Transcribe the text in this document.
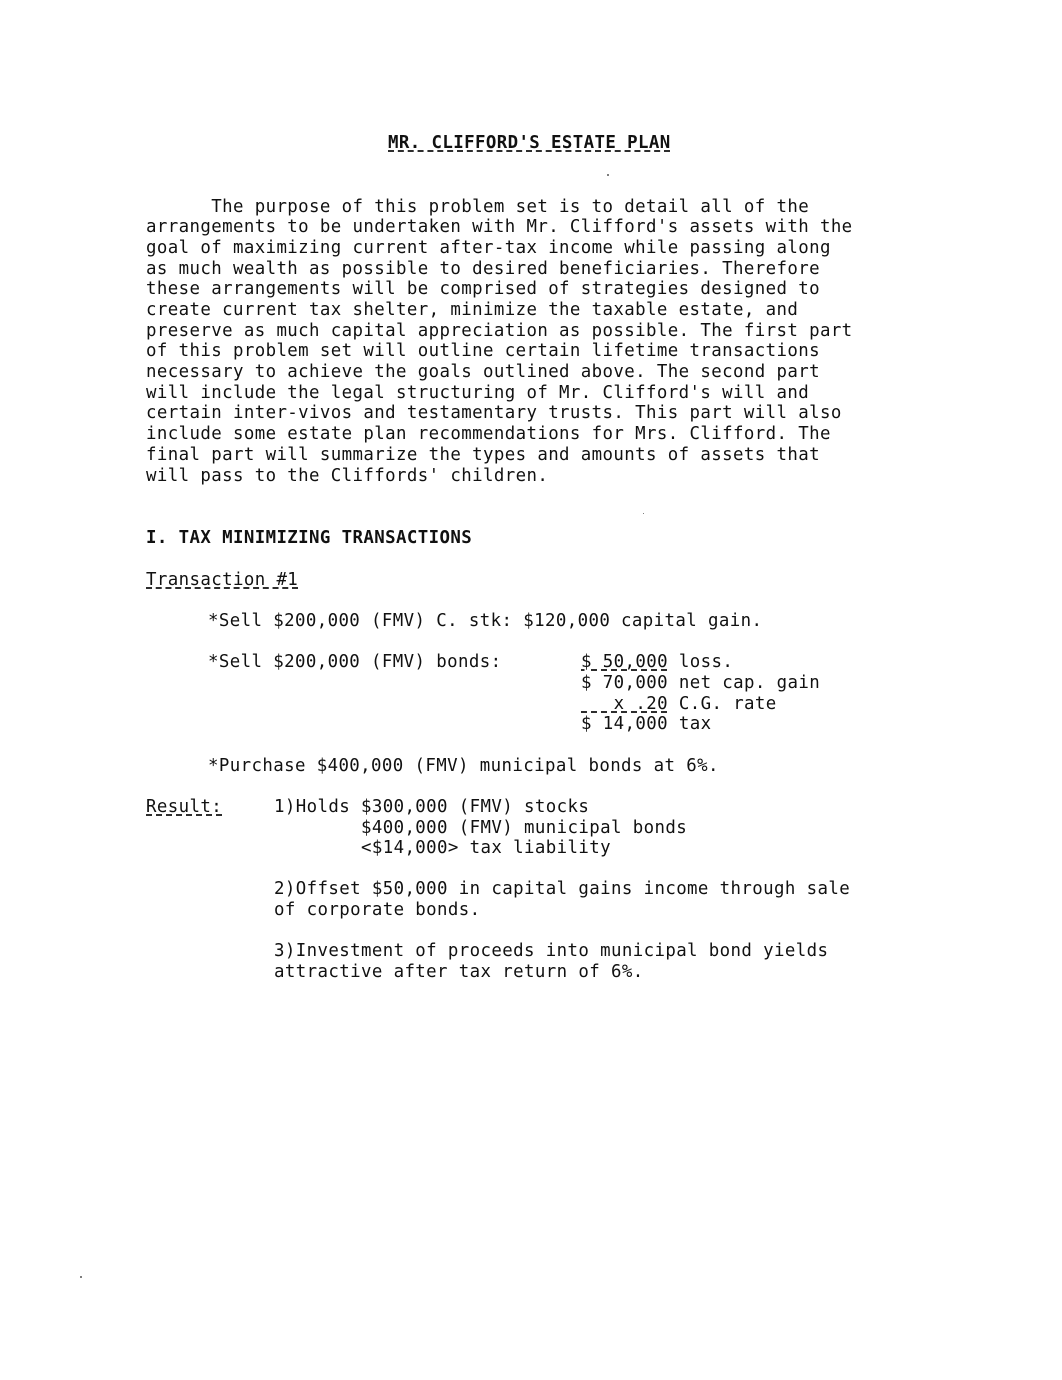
MR. CLIFFORD'S ESTATE PLAN
The purpose of this problem set is to detail all of the
arrangements to be undertaken with Mr. Clifford's assets with the
goal of maximizing current after-tax income while passing along
as much wealth as possible to desired beneficiaries. Therefore
these arrangements will be comprised of strategies designed to
create current tax shelter, minimize the taxable estate, and
preserve as much capital appreciation as possible. The first part
of this problem set will outline certain lifetime transactions
necessary to achieve the goals outlined above. The second part
will include the legal structuring of Mr. Clifford's will and
certain inter-vivos and testamentary trusts. This part will also
include some estate plan recommendations for Mrs. Clifford. The
final part will summarize the types and amounts of assets that
will pass to the Cliffords' children.
I. TAX MINIMIZING TRANSACTIONS
Transaction #1
*Sell $200,000 (FMV) C. stk: $120,000 capital gain.
*Sell $200,000 (FMV) bonds:	$ 50,000 loss.
$ 70,000 net cap. gain
x .20 C.G. rate
$ 14,000 tax
*Purchase $400,000 (FMV) municipal bonds at 6%.
Result:	1)Holds $300,000 (FMV) stocks
$400,000 (FMV) municipal bonds
<$14,000> tax liability
2)Offset $50,000 in capital gains income through sale
of corporate bonds.
3)Investment of proceeds into municipal bond yields
attractive after tax return of 6%.
